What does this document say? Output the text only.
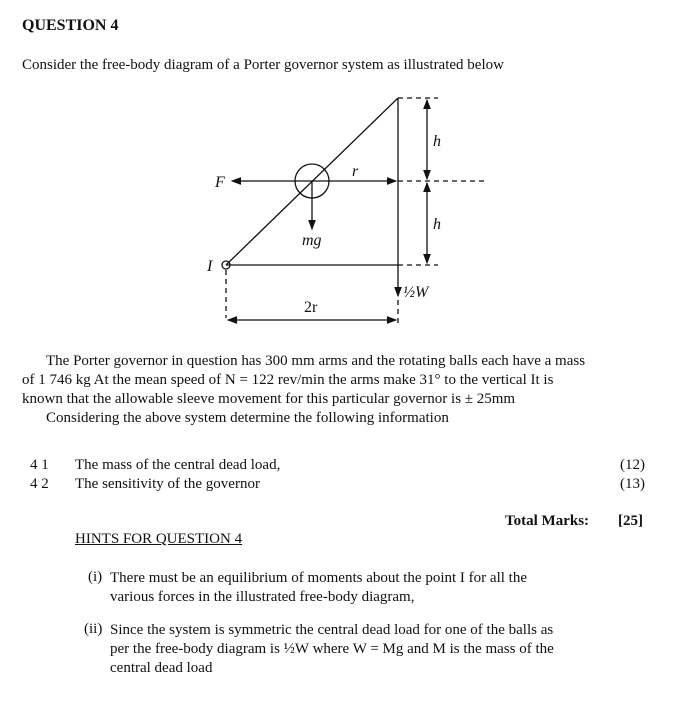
QUESTION 4
Consider the free-body diagram of a Porter governor system as illustrated below
F
r
mg
h
h
I
½W
2r
The Porter governor in question has 300 mm arms and the rotating balls each have a mass
of 1 746 kg At the mean speed of N = 122 rev/min the arms make 31° to the vertical It is
known that the allowable sleeve movement for this particular governor is ± 25mm
Considering the above system determine the following information
4 1 The mass of the central dead load,	(12)
4 2 The sensitivity of the governor	(13)
Total Marks: [25]
HINTS FOR QUESTION 4
(i) There must be an equilibrium of moments about the point I for all the
various forces in the illustrated free-body diagram,
(ii) Since the system is symmetric the central dead load for one of the balls as
per the free-body diagram is ½W where W = Mg and M is the mass of the
central dead load
